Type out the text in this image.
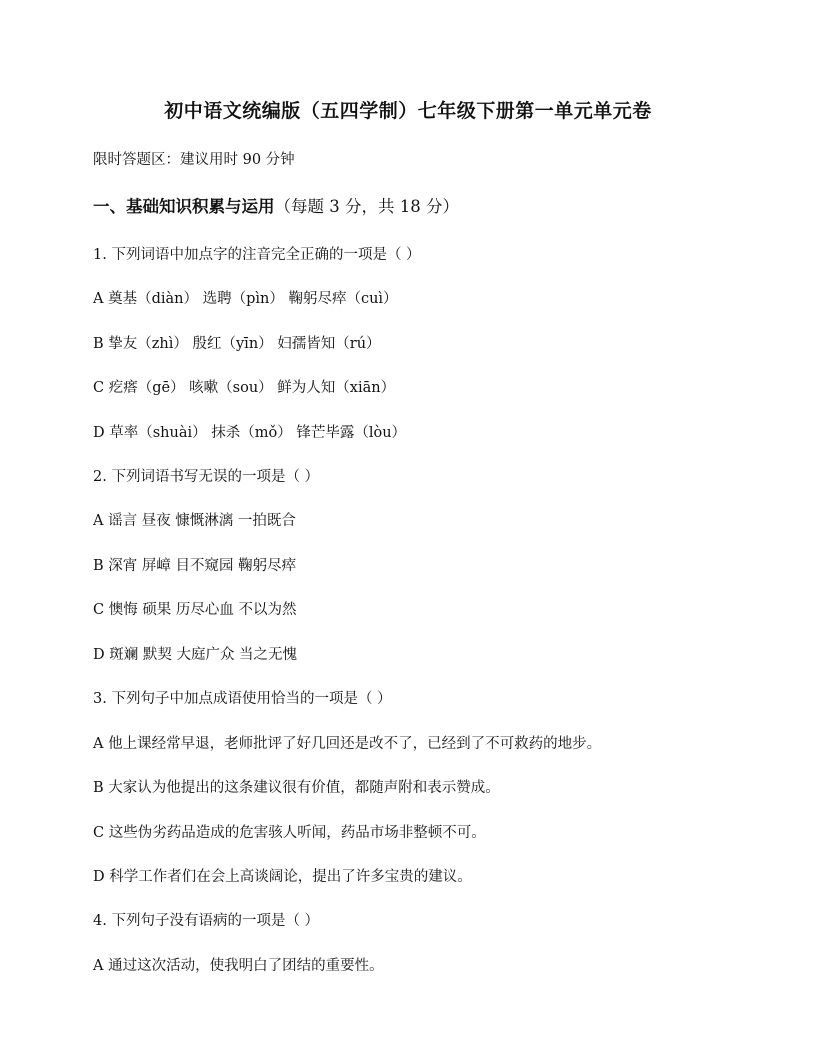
初中语文统编版（五四学制）七年级下册第一单元单元卷
限时答题区：建议用时 90 分钟
一、基础知识积累与运用（每题 3 分，共 18 分）
1. 下列词语中加点字的注音完全正确的一项是（ ）
A 奠基（diàn） 选聘（pìn） 鞠躬尽瘁（cuì）
B 挚友（zhì） 殷红（yīn） 妇孺皆知（rú）
C 疙瘩（gē） 咳嗽（sou） 鲜为人知（xiān）
D 草率（shuài） 抹杀（mǒ） 锋芒毕露（lòu）
2. 下列词语书写无误的一项是（ ）
A 谣言 昼夜 慷慨淋漓 一拍既合
B 深宵 屏嶂 目不窥园 鞠躬尽瘁
C 懊悔 硕果 历尽心血 不以为然
D 斑斓 默契 大庭广众 当之无愧
3. 下列句子中加点成语使用恰当的一项是（ ）
A 他上课经常早退，老师批评了好几回还是改不了，已经到了不可救药的地步。
B 大家认为他提出的这条建议很有价值，都随声附和表示赞成。
C 这些伪劣药品造成的危害骇人听闻，药品市场非整顿不可。
D 科学工作者们在会上高谈阔论，提出了许多宝贵的建议。
4. 下列句子没有语病的一项是（ ）
A 通过这次活动，使我明白了团结的重要性。
